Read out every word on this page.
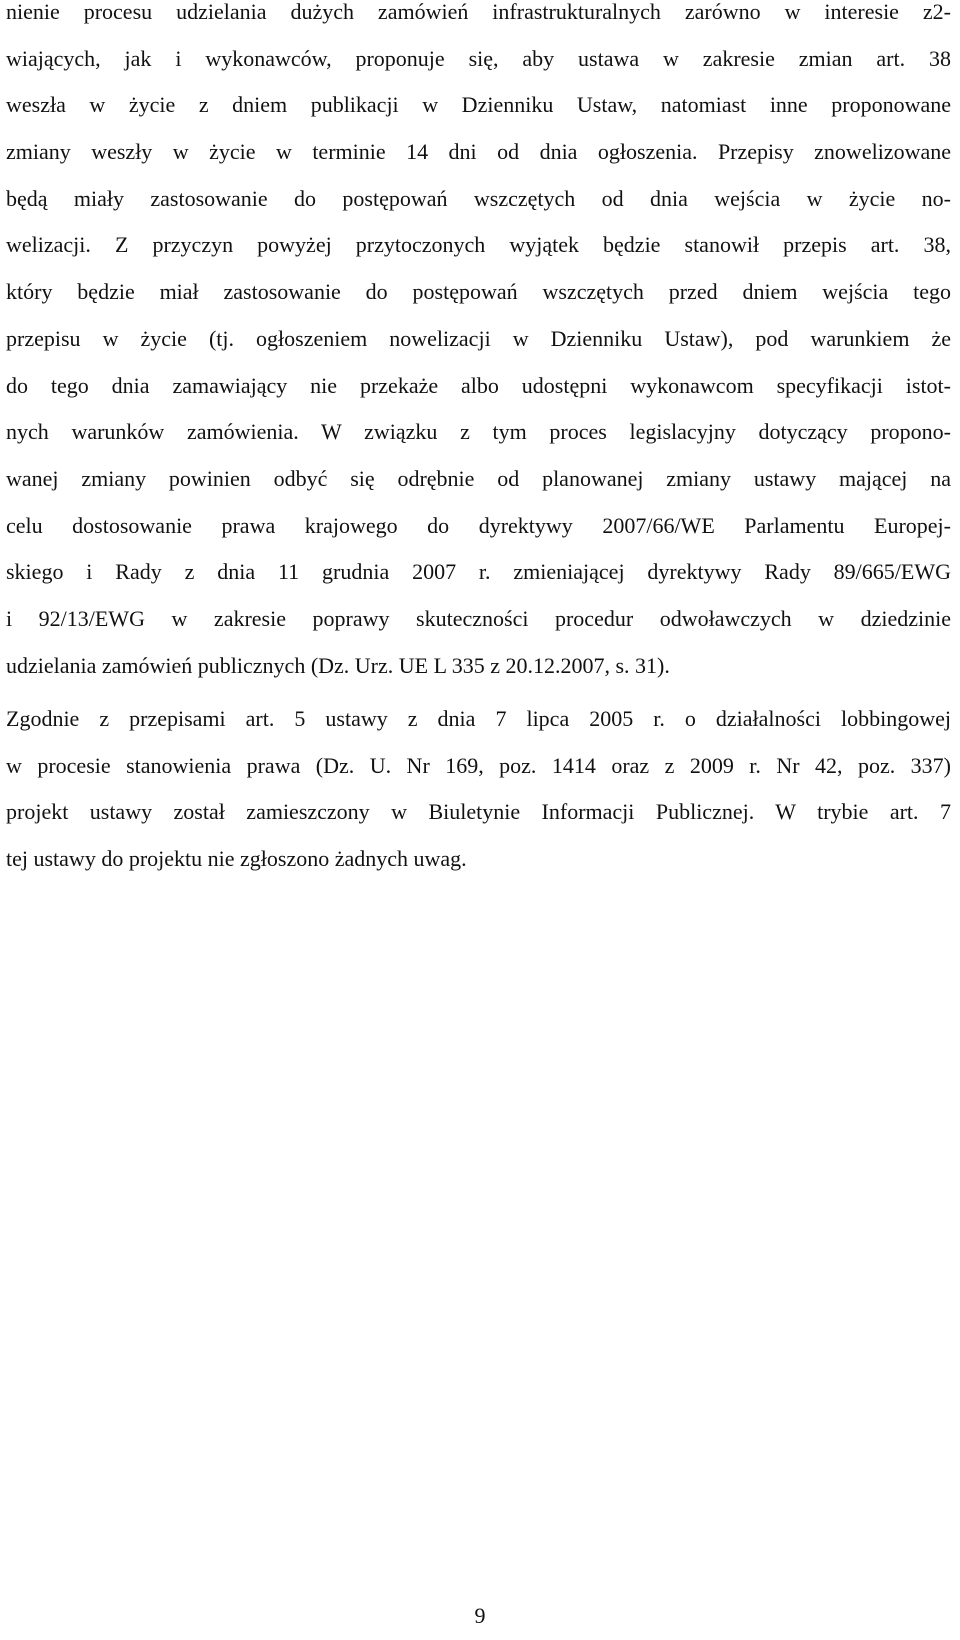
nienie procesu udzielania dużych zamówień infrastrukturalnych zarówno w interesie z2-
wiających, jak i wykonawców, proponuje się, aby ustawa w zakresie zmian art. 38
weszła w życie z dniem publikacji w Dzienniku Ustaw, natomiast inne proponowane
zmiany weszły w życie w terminie 14 dni od dnia ogłoszenia. Przepisy znowelizowane
będą miały zastosowanie do postępowań wszczętych od dnia wejścia w życie no-
welizacji. Z przyczyn powyżej przytoczonych wyjątek będzie stanowił przepis art. 38,
który będzie miał zastosowanie do postępowań wszczętych przed dniem wejścia tego
przepisu w życie (tj. ogłoszeniem nowelizacji w Dzienniku Ustaw), pod warunkiem że
do tego dnia zamawiający nie przekaże albo udostępni wykonawcom specyfikacji istot-
nych warunków zamówienia. W związku z tym proces legislacyjny dotyczący propono-
wanej zmiany powinien odbyć się odrębnie od planowanej zmiany ustawy mającej na
celu dostosowanie prawa krajowego do dyrektywy 2007/66/WE Parlamentu Europej-
skiego i Rady z dnia 11 grudnia 2007 r. zmieniającej dyrektywy Rady 89/665/EWG
i 92/13/EWG w zakresie poprawy skuteczności procedur odwoławczych w dziedzinie
udzielania zamówień publicznych (Dz. Urz. UE L 335 z 20.12.2007, s. 31).
Zgodnie z przepisami art. 5 ustawy z dnia 7 lipca 2005 r. o działalności lobbingowej
w procesie stanowienia prawa (Dz. U. Nr 169, poz. 1414 oraz z 2009 r. Nr 42, poz. 337)
projekt ustawy został zamieszczony w Biuletynie Informacji Publicznej. W trybie art. 7
tej ustawy do projektu nie zgłoszono żadnych uwag.
9
